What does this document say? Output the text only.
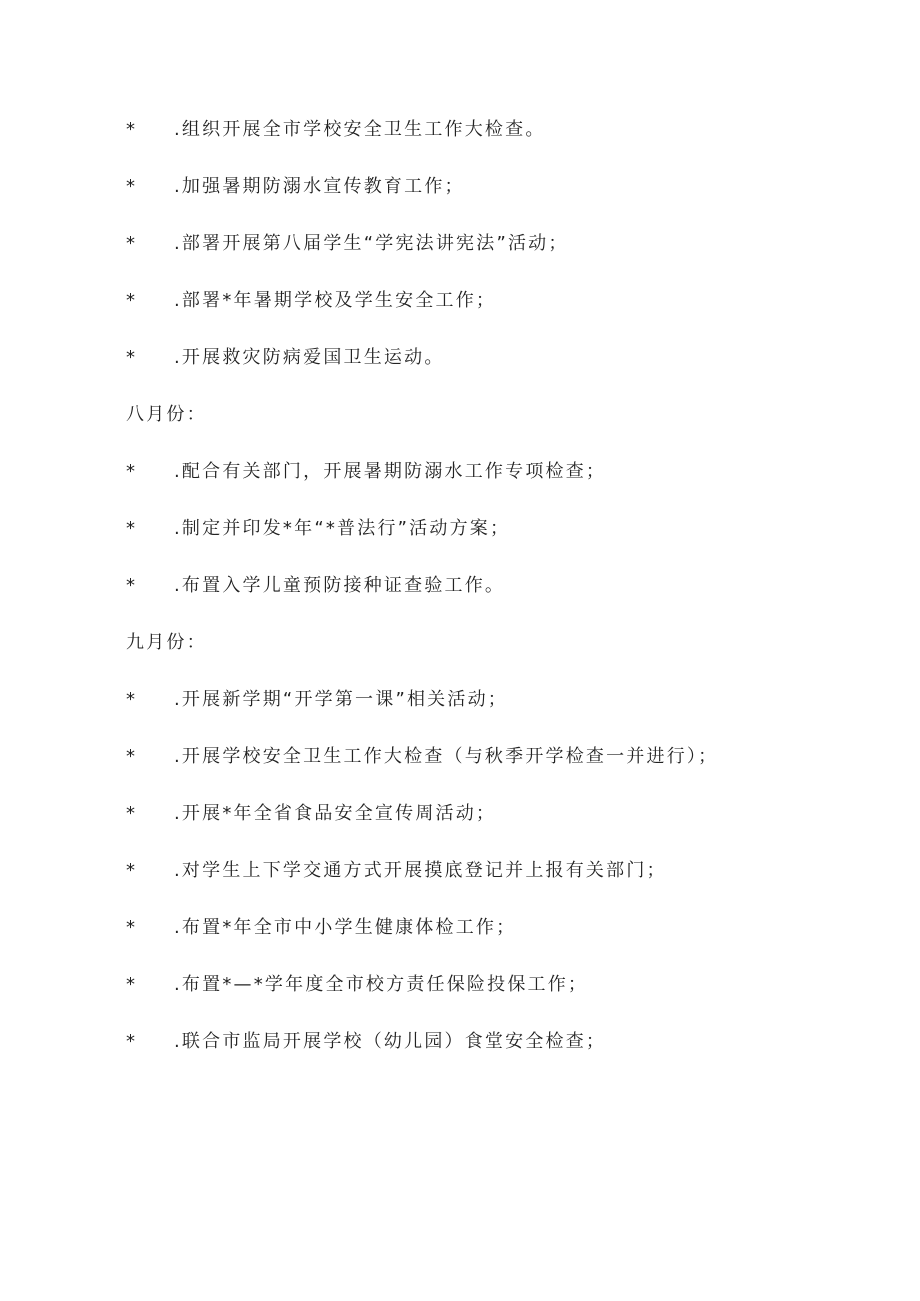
*	.组织开展全市学校安全卫生工作大检查。
*	.加强暑期防溺水宣传教育工作；
*	.部署开展第八届学生“学宪法讲宪法”活动；
*	.部署*年暑期学校及学生安全工作；
*	.开展救灾防病爱国卫生运动。
八月份：
*	.配合有关部门，开展暑期防溺水工作专项检查；
*	.制定并印发*年“*普法行”活动方案；
*	.布置入学儿童预防接种证查验工作。
九月份：
*	.开展新学期“开学第一课”相关活动；
*	.开展学校安全卫生工作大检查（与秋季开学检查一并进行）；
*	.开展*年全省食品安全宣传周活动；
*	.对学生上下学交通方式开展摸底登记并上报有关部门；
*	.布置*年全市中小学生健康体检工作；
*	.布置*—*学年度全市校方责任保险投保工作；
*	.联合市监局开展学校（幼儿园）食堂安全检查；
